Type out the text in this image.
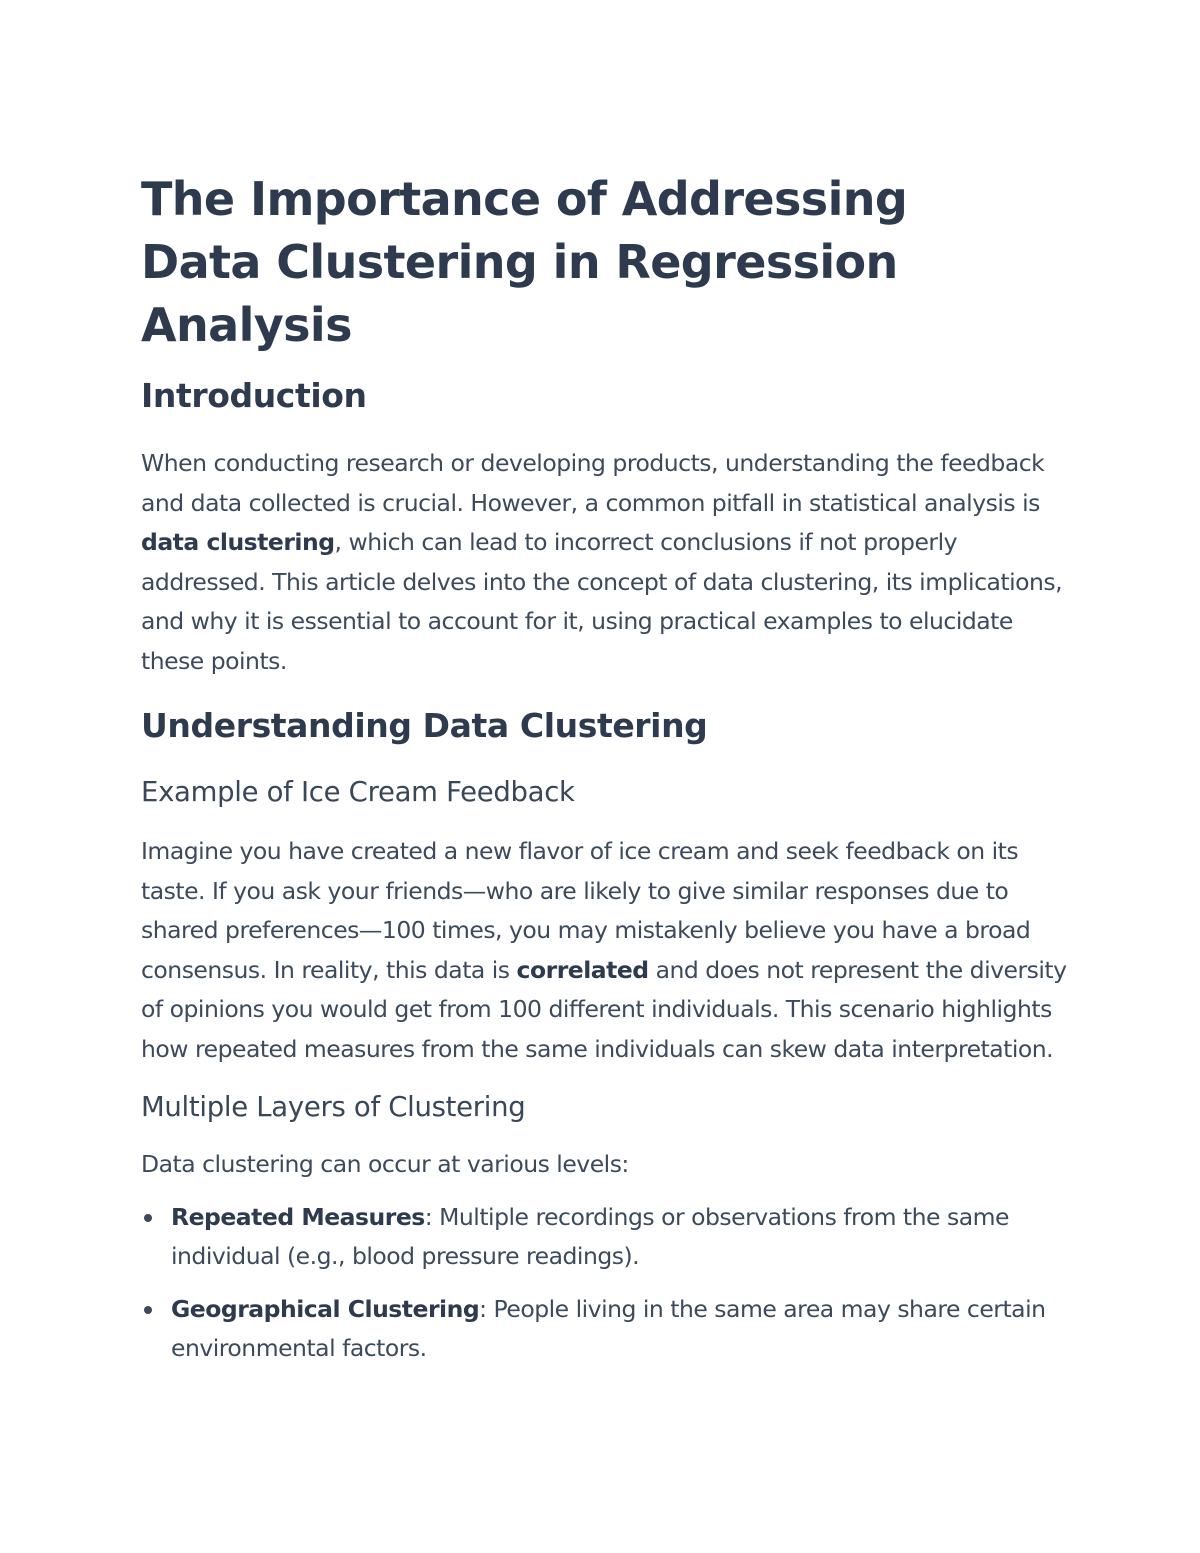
The Importance of Addressing Data Clustering in Regression Analysis
Introduction

When conducting research or developing products, understanding the feedback and data collected is crucial. However, a common pitfall in statistical analysis is data clustering, which can lead to incorrect conclusions if not properly addressed. This article delves into the concept of data clustering, its implications, and why it is essential to account for it, using practical examples to elucidate these points.

Understanding Data Clustering
Example of Ice Cream Feedback

Imagine you have created a new flavor of ice cream and seek feedback on its taste. If you ask your friends—who are likely to give similar responses due to shared preferences—100 times, you may mistakenly believe you have a broad consensus. In reality, this data is correlated and does not represent the diversity of opinions you would get from 100 different individuals. This scenario highlights how repeated measures from the same individuals can skew data interpretation.

Multiple Layers of Clustering

Data clustering can occur at various levels:

Repeated Measures: Multiple recordings or observations from the same individual (e.g., blood pressure readings).
Geographical Clustering: People living in the same area may share certain environmental factors.
